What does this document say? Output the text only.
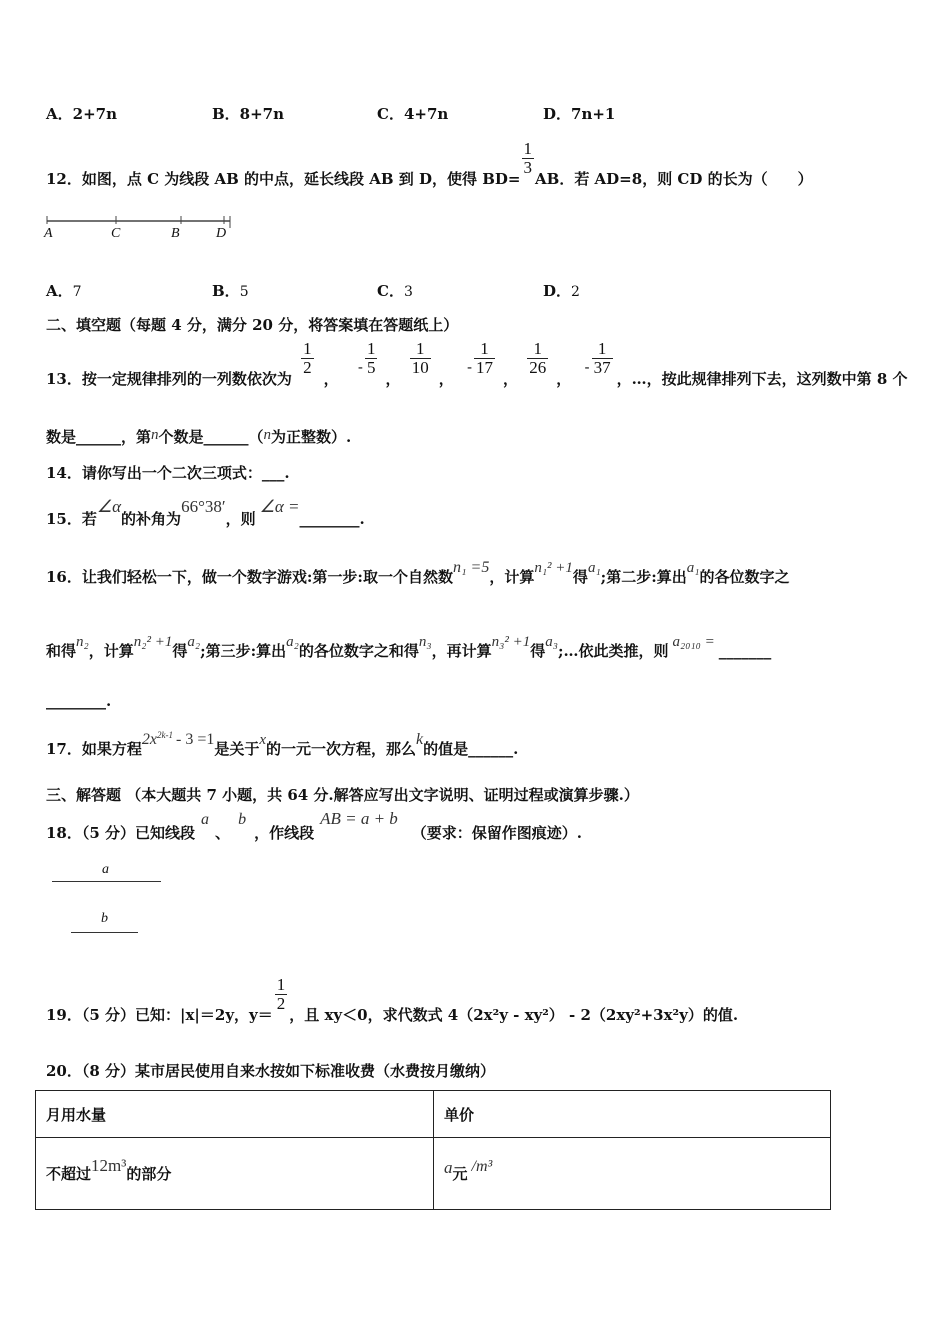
A．2+7n	B．8+7n	C．4+7n	D．7n+1
12．如图，点 C 为线段 AB 的中点，延长线段 AB 到 D，使得 BD=
$\frac{1}{3}$
AB．若 AD=8，则 CD 的长为（　　）
A	C	B	D
A．7	B．5	C．3	D．2
二、填空题（每题 4 分，满分 20 分，将答案填在答题纸上）
13．按一定规律排列的一列数依次为
$\frac{1}{2}$
， - $\frac{1}{5}$
，
$\frac{1}{10}$
， - $\frac{1}{17}$
，
$\frac{1}{26}$
， - $\frac{1}{37}$
，…，按此规律排列下去，这列数中第 8 个
数是______，第n个数是______（n为正整数）.
14．请你写出一个二次三项式：___.
15．若∠α的补角为66°38′，则∠α =________.
16．让我们轻松一下，做一个数字游戏:第一步:取一个自然数n₁ =5，计算n₁² +1得a₁;第二步:算出a₁的各位数字之
和得n₂，计算n₂² +1得a₂;第三步:算出a₂的各位数字之和得n₃，再计算n₃² +1得a₃;…依此类推，则 a₂₀₁₀ = _______
________.
17．如果方程$2x^{2k-1} - 3 =1$是关于x的一元一次方程，那么k的值是______.
三、解答题 （本大题共 7 小题，共 64 分.解答应写出文字说明、证明过程或演算步骤.）
18．（5 分）已知线段a、b，作线段AB = a + b（要求：保留作图痕迹）.
a
b
19．（5 分）已知：|x|＝2y，y＝
$\frac{1}{2}$
，且 xy＜0，求代数式 4（2x²y - xy²） - 2（2xy²+3x²y）的值.
20．（8 分）某市居民使用自来水按如下标准收费（水费按月缴纳）
月用水量	单价
不超过12m³的部分	a元 /m³
